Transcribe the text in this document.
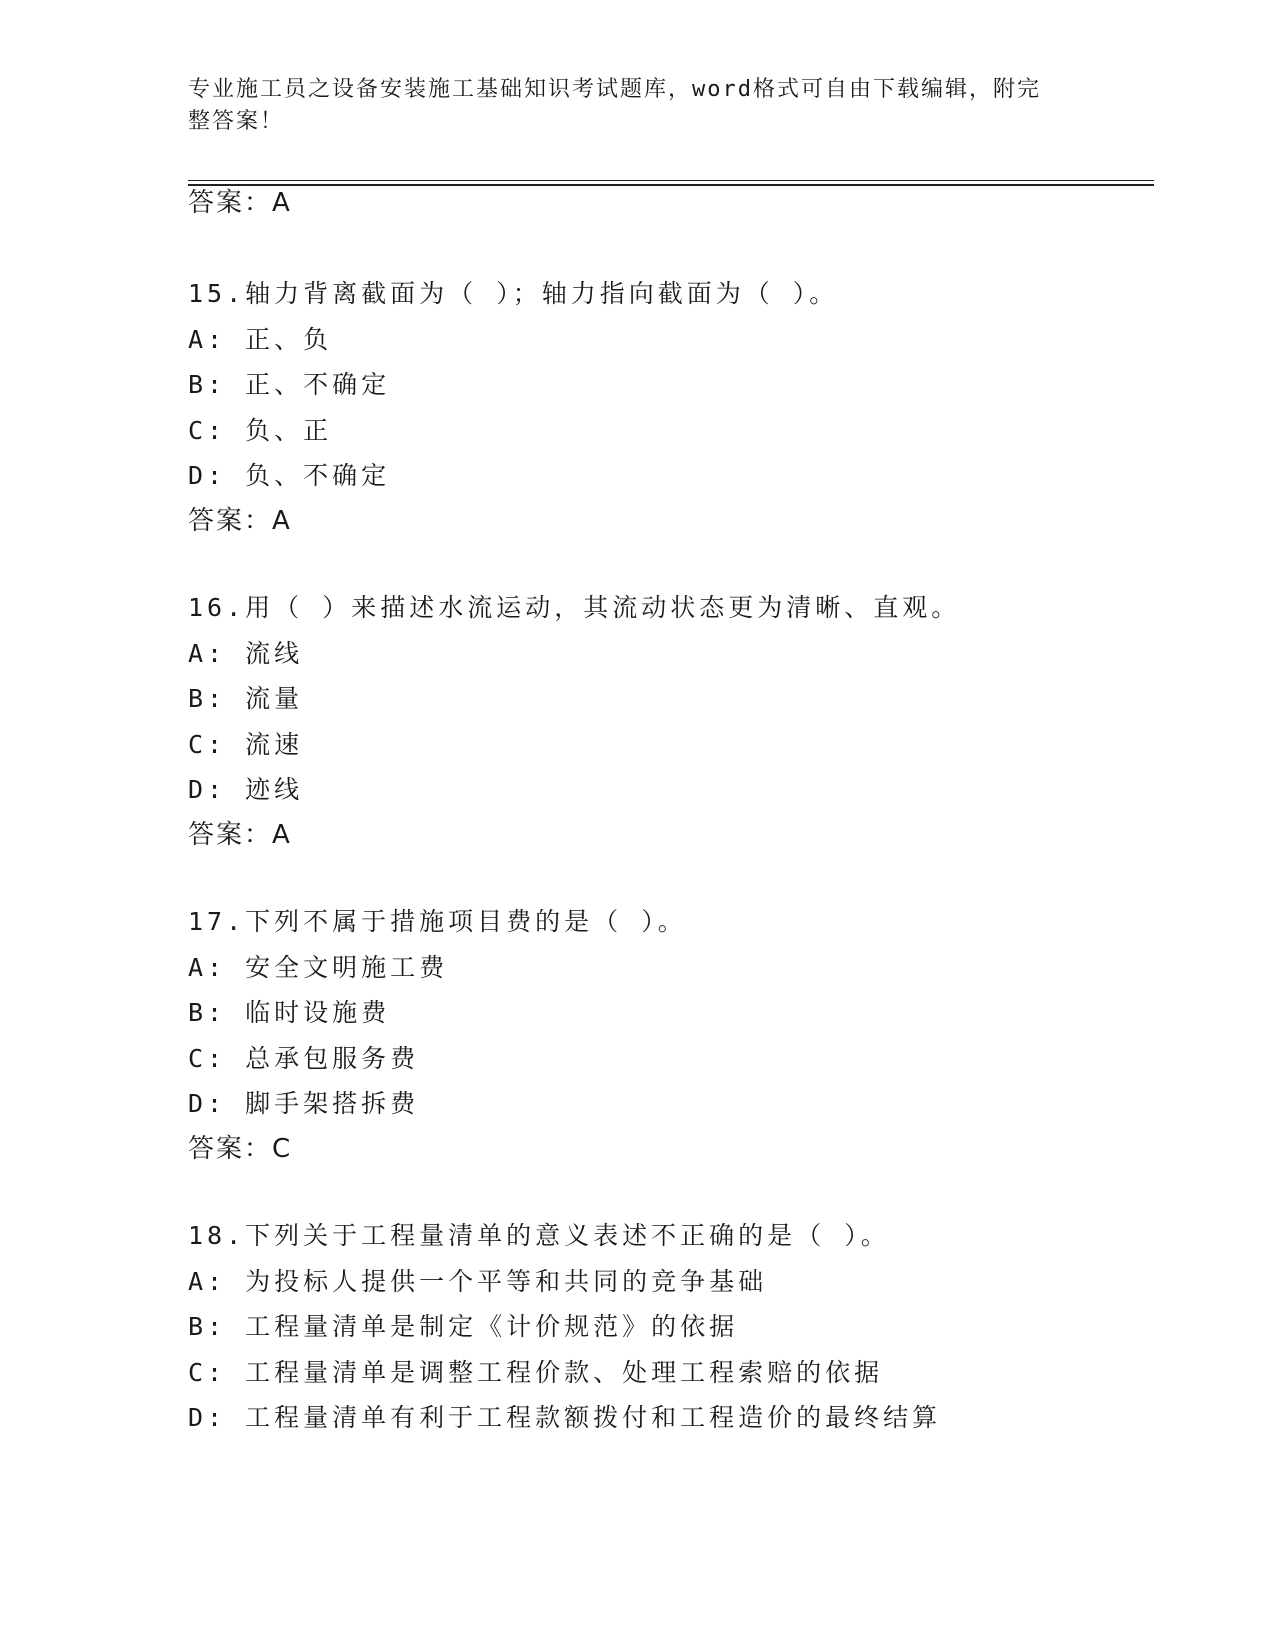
专业施工员之设备安装施工基础知识考试题库，word格式可自由下载编辑，附完
整答案！
答案：A
15.轴力背离截面为（ ）；轴力指向截面为（ ）。
A: 正、负
B: 正、不确定
C: 负、正
D: 负、不确定
答案：A
16.用（ ）来描述水流运动，其流动状态更为清晰、直观。
A: 流线
B: 流量
C: 流速
D: 迹线
答案：A
17.下列不属于措施项目费的是（ ）。
A: 安全文明施工费
B: 临时设施费
C: 总承包服务费
D: 脚手架搭拆费
答案：C
18.下列关于工程量清单的意义表述不正确的是（ ）。
A: 为投标人提供一个平等和共同的竞争基础
B: 工程量清单是制定《计价规范》的依据
C: 工程量清单是调整工程价款、处理工程索赔的依据
D: 工程量清单有利于工程款额拨付和工程造价的最终结算
